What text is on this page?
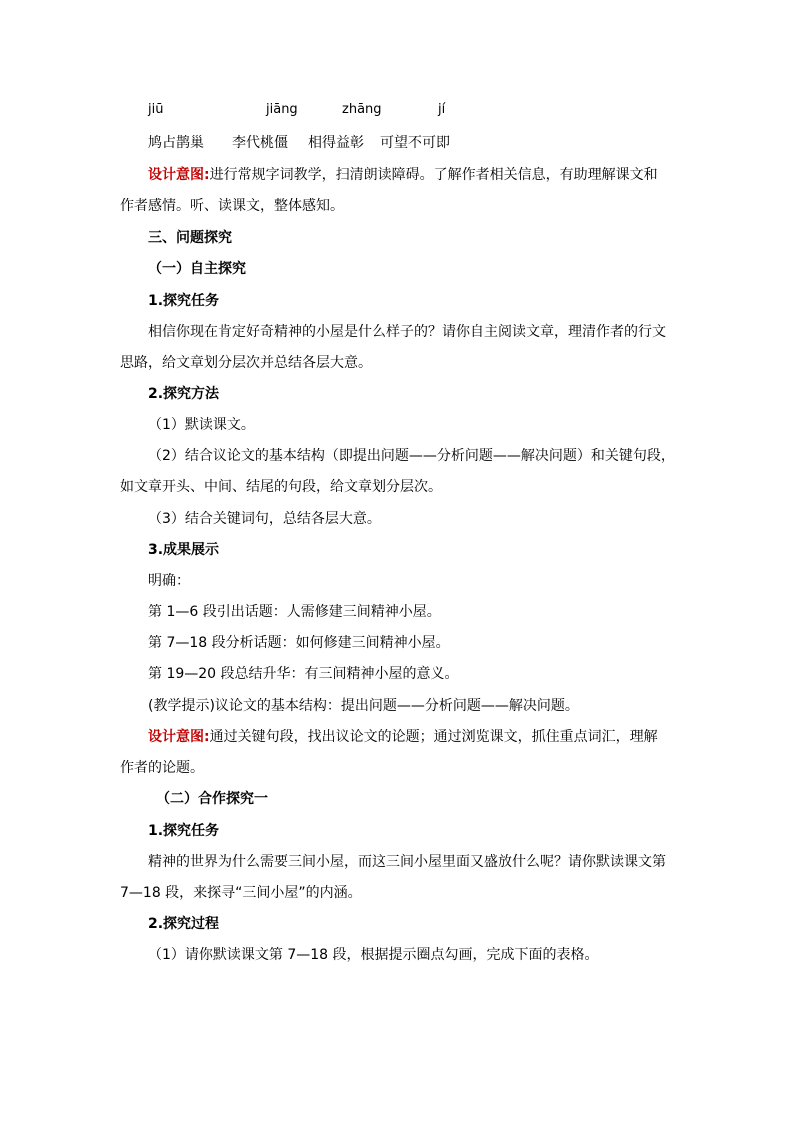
jiū	jiāng	zhāng	jí
鸠占鹊巢 李代桃僵 相得益彰 可望不可即
设计意图:进行常规字词教学，扫清朗读障碍。了解作者相关信息，有助理解课文和
作者感情。听、读课文，整体感知。
三、问题探究
（一）自主探究
1.探究任务
相信你现在肯定好奇精神的小屋是什么样子的？请你自主阅读文章，理清作者的行文
思路，给文章划分层次并总结各层大意。
2.探究方法
（1）默读课文。
（2）结合议论文的基本结构（即提出问题——分析问题——解决问题）和关键句段，
如文章开头、中间、结尾的句段，给文章划分层次。
（3）结合关键词句，总结各层大意。
3.成果展示
明确：
第 1—6 段引出话题：人需修建三间精神小屋。
第 7—18 段分析话题：如何修建三间精神小屋。
第 19—20 段总结升华：有三间精神小屋的意义。
(教学提示)议论文的基本结构：提出问题——分析问题——解决问题。
设计意图:通过关键句段，找出议论文的论题；通过浏览课文，抓住重点词汇，理解
作者的论题。
（二）合作探究一
1.探究任务
精神的世界为什么需要三间小屋，而这三间小屋里面又盛放什么呢？请你默读课文第
7—18 段，来探寻“三间小屋”的内涵。
2.探究过程
（1）请你默读课文第 7—18 段，根据提示圈点勾画，完成下面的表格。
